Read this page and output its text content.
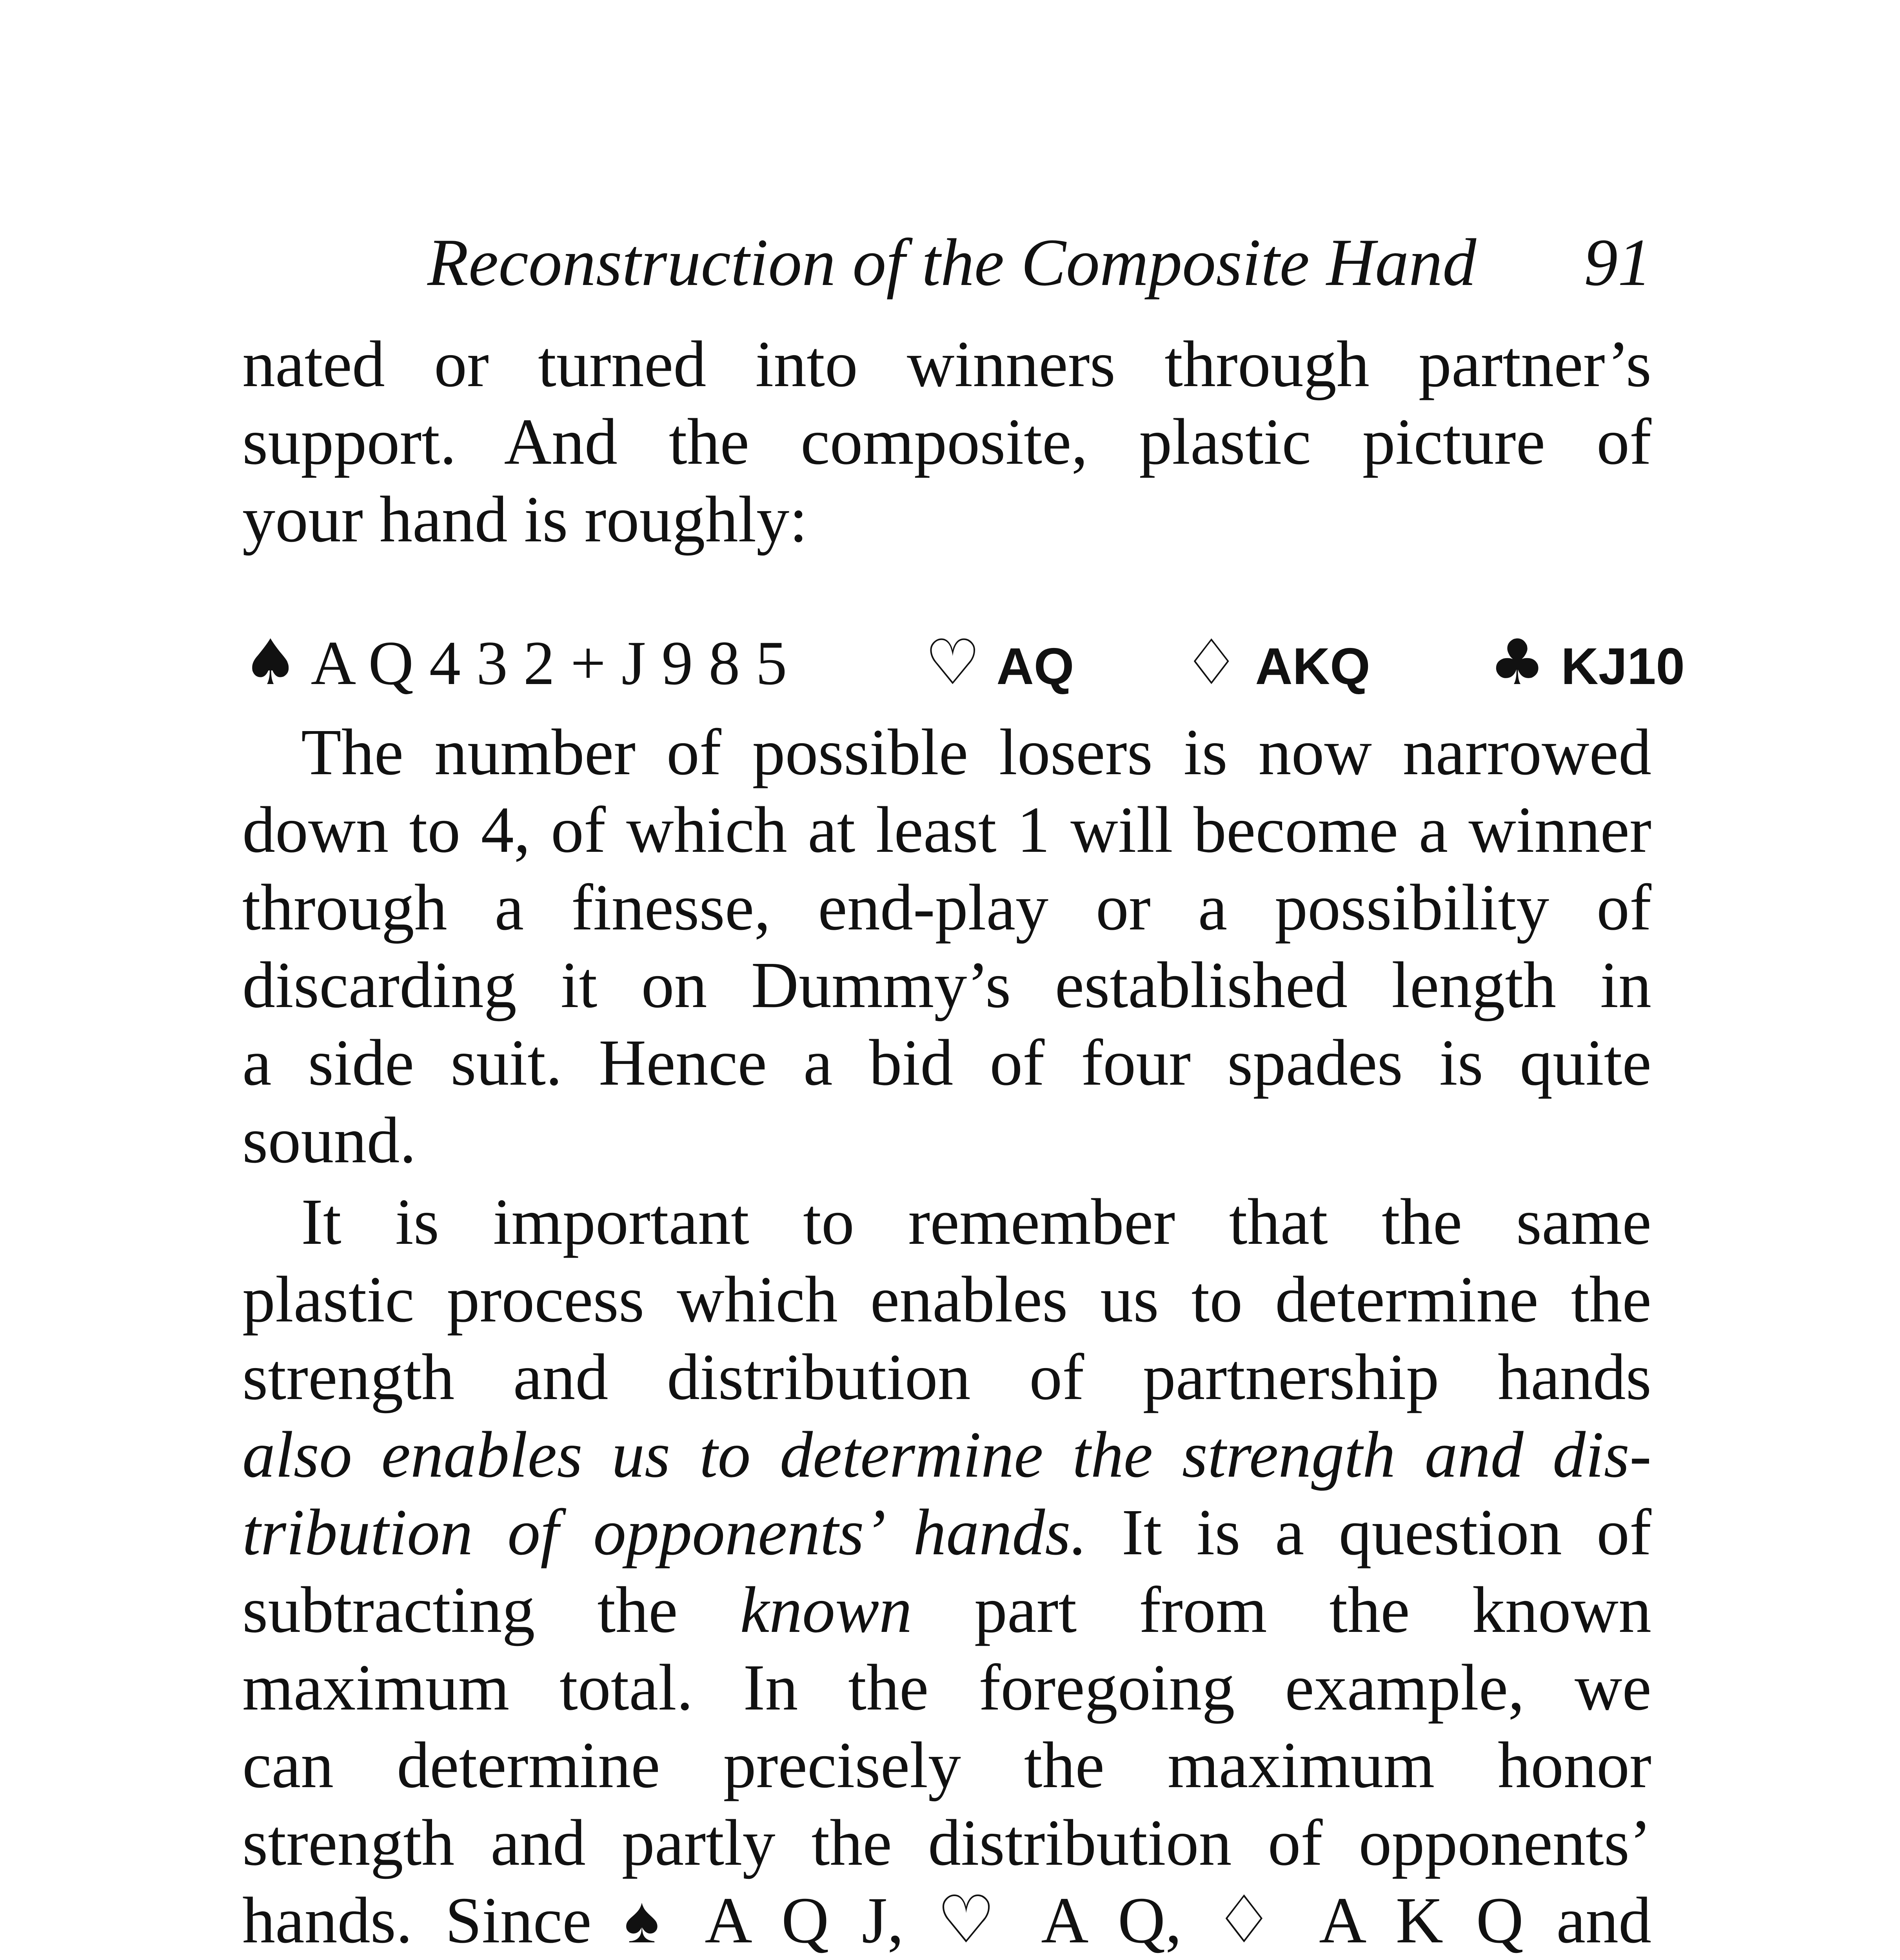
Reconstruction of the Composite Hand 91
nated or turned into winners through partner’s
support. And the composite, plastic picture of
your hand is roughly:
♠ A Q 4 3 2 + J 9 8 5 ♡ AQ ♢ AKQ ♣ KJ10
The number of possible losers is now narrowed
down to 4, of which at least 1 will become a winner
through a finesse, end-play or a possibility of
discarding it on Dummy’s established length in
a side suit. Hence a bid of four spades is quite
sound.
It is important to remember that the same
plastic process which enables us to determine the
strength and distribution of partnership hands
also enables us to determine the strength and dis-
tribution of opponents’ hands. It is a question of
subtracting the known part from the known
maximum total. In the foregoing example, we
can determine precisely the maximum honor
strength and partly the distribution of opponents’
hands. Since ♠ A Q J, ♡ A Q, ♢ A K Q and
